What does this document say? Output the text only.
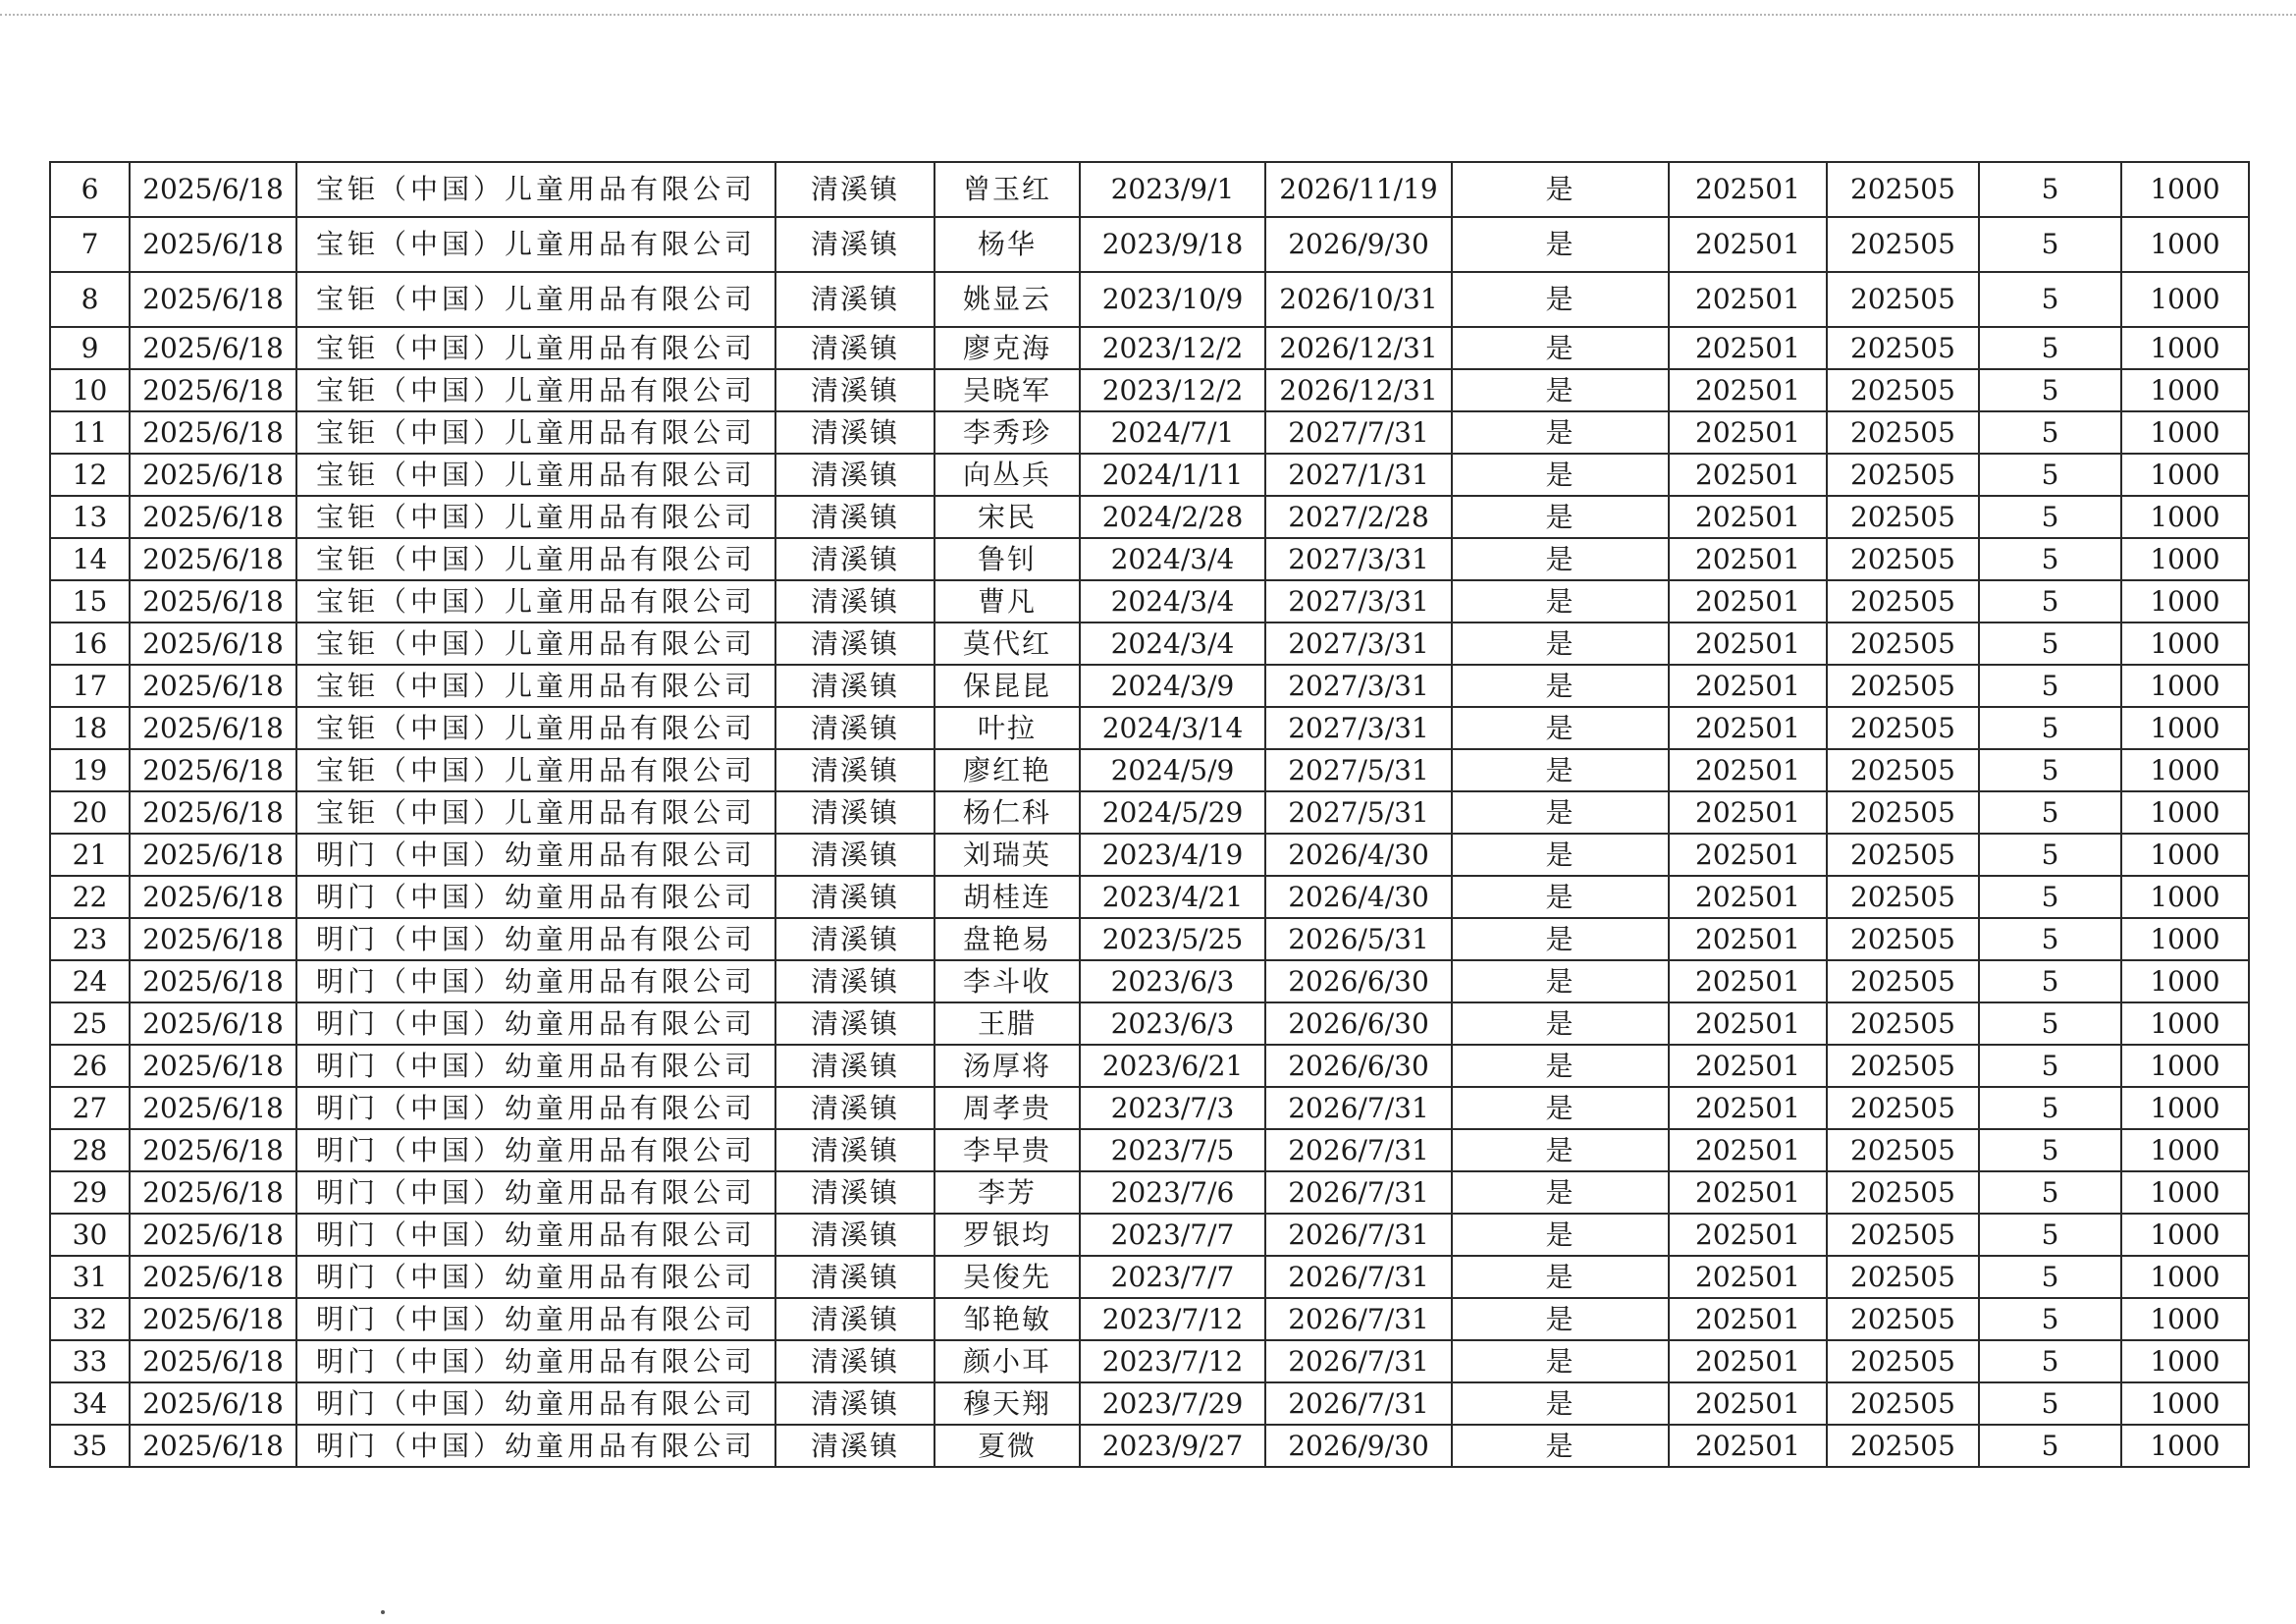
6	2025/6/18	宝钜（中国）儿童用品有限公司	清溪镇	曾玉红	2023/9/1	2026/11/19	是	202501	202505	5	1000
7	2025/6/18	宝钜（中国）儿童用品有限公司	清溪镇	杨华	2023/9/18	2026/9/30	是	202501	202505	5	1000
8	2025/6/18	宝钜（中国）儿童用品有限公司	清溪镇	姚显云	2023/10/9	2026/10/31	是	202501	202505	5	1000
9	2025/6/18	宝钜（中国）儿童用品有限公司	清溪镇	廖克海	2023/12/2	2026/12/31	是	202501	202505	5	1000
10	2025/6/18	宝钜（中国）儿童用品有限公司	清溪镇	吴晓军	2023/12/2	2026/12/31	是	202501	202505	5	1000
11	2025/6/18	宝钜（中国）儿童用品有限公司	清溪镇	李秀珍	2024/7/1	2027/7/31	是	202501	202505	5	1000
12	2025/6/18	宝钜（中国）儿童用品有限公司	清溪镇	向丛兵	2024/1/11	2027/1/31	是	202501	202505	5	1000
13	2025/6/18	宝钜（中国）儿童用品有限公司	清溪镇	宋民	2024/2/28	2027/2/28	是	202501	202505	5	1000
14	2025/6/18	宝钜（中国）儿童用品有限公司	清溪镇	鲁钊	2024/3/4	2027/3/31	是	202501	202505	5	1000
15	2025/6/18	宝钜（中国）儿童用品有限公司	清溪镇	曹凡	2024/3/4	2027/3/31	是	202501	202505	5	1000
16	2025/6/18	宝钜（中国）儿童用品有限公司	清溪镇	莫代红	2024/3/4	2027/3/31	是	202501	202505	5	1000
17	2025/6/18	宝钜（中国）儿童用品有限公司	清溪镇	保昆昆	2024/3/9	2027/3/31	是	202501	202505	5	1000
18	2025/6/18	宝钜（中国）儿童用品有限公司	清溪镇	叶拉	2024/3/14	2027/3/31	是	202501	202505	5	1000
19	2025/6/18	宝钜（中国）儿童用品有限公司	清溪镇	廖红艳	2024/5/9	2027/5/31	是	202501	202505	5	1000
20	2025/6/18	宝钜（中国）儿童用品有限公司	清溪镇	杨仁科	2024/5/29	2027/5/31	是	202501	202505	5	1000
21	2025/6/18	明门（中国）幼童用品有限公司	清溪镇	刘瑞英	2023/4/19	2026/4/30	是	202501	202505	5	1000
22	2025/6/18	明门（中国）幼童用品有限公司	清溪镇	胡桂连	2023/4/21	2026/4/30	是	202501	202505	5	1000
23	2025/6/18	明门（中国）幼童用品有限公司	清溪镇	盘艳易	2023/5/25	2026/5/31	是	202501	202505	5	1000
24	2025/6/18	明门（中国）幼童用品有限公司	清溪镇	李斗收	2023/6/3	2026/6/30	是	202501	202505	5	1000
25	2025/6/18	明门（中国）幼童用品有限公司	清溪镇	王腊	2023/6/3	2026/6/30	是	202501	202505	5	1000
26	2025/6/18	明门（中国）幼童用品有限公司	清溪镇	汤厚将	2023/6/21	2026/6/30	是	202501	202505	5	1000
27	2025/6/18	明门（中国）幼童用品有限公司	清溪镇	周孝贵	2023/7/3	2026/7/31	是	202501	202505	5	1000
28	2025/6/18	明门（中国）幼童用品有限公司	清溪镇	李早贵	2023/7/5	2026/7/31	是	202501	202505	5	1000
29	2025/6/18	明门（中国）幼童用品有限公司	清溪镇	李芳	2023/7/6	2026/7/31	是	202501	202505	5	1000
30	2025/6/18	明门（中国）幼童用品有限公司	清溪镇	罗银均	2023/7/7	2026/7/31	是	202501	202505	5	1000
31	2025/6/18	明门（中国）幼童用品有限公司	清溪镇	吴俊先	2023/7/7	2026/7/31	是	202501	202505	5	1000
32	2025/6/18	明门（中国）幼童用品有限公司	清溪镇	邹艳敏	2023/7/12	2026/7/31	是	202501	202505	5	1000
33	2025/6/18	明门（中国）幼童用品有限公司	清溪镇	颜小耳	2023/7/12	2026/7/31	是	202501	202505	5	1000
34	2025/6/18	明门（中国）幼童用品有限公司	清溪镇	穆天翔	2023/7/29	2026/7/31	是	202501	202505	5	1000
35	2025/6/18	明门（中国）幼童用品有限公司	清溪镇	夏微	2023/9/27	2026/9/30	是	202501	202505	5	1000
